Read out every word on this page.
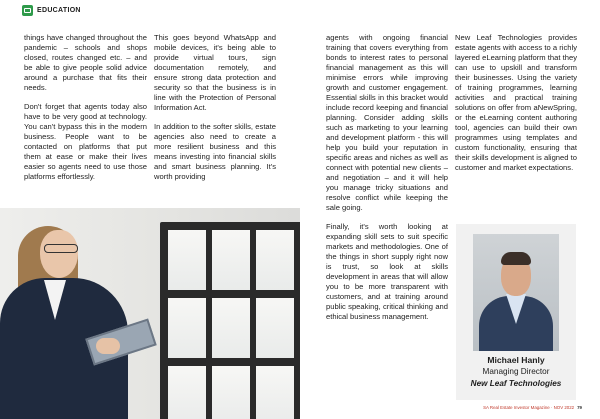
EDUCATION

things have changed throughout the pandemic – schools and shops closed, routes changed etc. – and be able to give people solid advice around a purchase that fits their needs.

Don't forget that agents today also have to be very good at technology. You can't bypass this in the modern business. People want to be contacted on platforms that put them at ease or make their lives easier so agents need to use those platforms effortlessly.

This goes beyond WhatsApp and mobile devices, it's being able to provide virtual tours, sign documentation remotely, and ensure strong data protection and security so that the business is in line with the Protection of Personal Information Act.

In addition to the softer skills, estate agencies also need to create a more resilient business and this means investing into financial skills and smart business planning. It's worth providing

agents with ongoing financial training that covers everything from bonds to interest rates to personal financial management as this will minimise errors while improving growth and customer engagement. Essential skills in this bracket would include record keeping and financial planning. Consider adding skills such as marketing to your learning and development platform - this will help you build your reputation in specific areas and niches as well as connect with potential new clients – and negotiation – and it will help you manage tricky situations and resolve conflict while keeping the sale going.

Finally, it's worth looking at expanding skill sets to suit specific markets and methodologies. One of the things in short supply right now is trust, so look at skills development in areas that will allow you to be more transparent with customers, and at training around public speaking, critical thinking and ethical business management.

New Leaf Technologies provides estate agents with access to a richly layered eLearning platform that they can use to upskill and transform their businesses. Using the variety of training programmes, learning activities and practical training solutions on offer from aNewSpring, or the eLearning content authoring tool, agencies can build their own programmes using templates and custom functionality, ensuring that their skills development is aligned to customer and market expectations.

Michael Hanly
Managing Director
New Leaf Technologies
SA Real Estate Investor Magazine · NOV 2022 79
